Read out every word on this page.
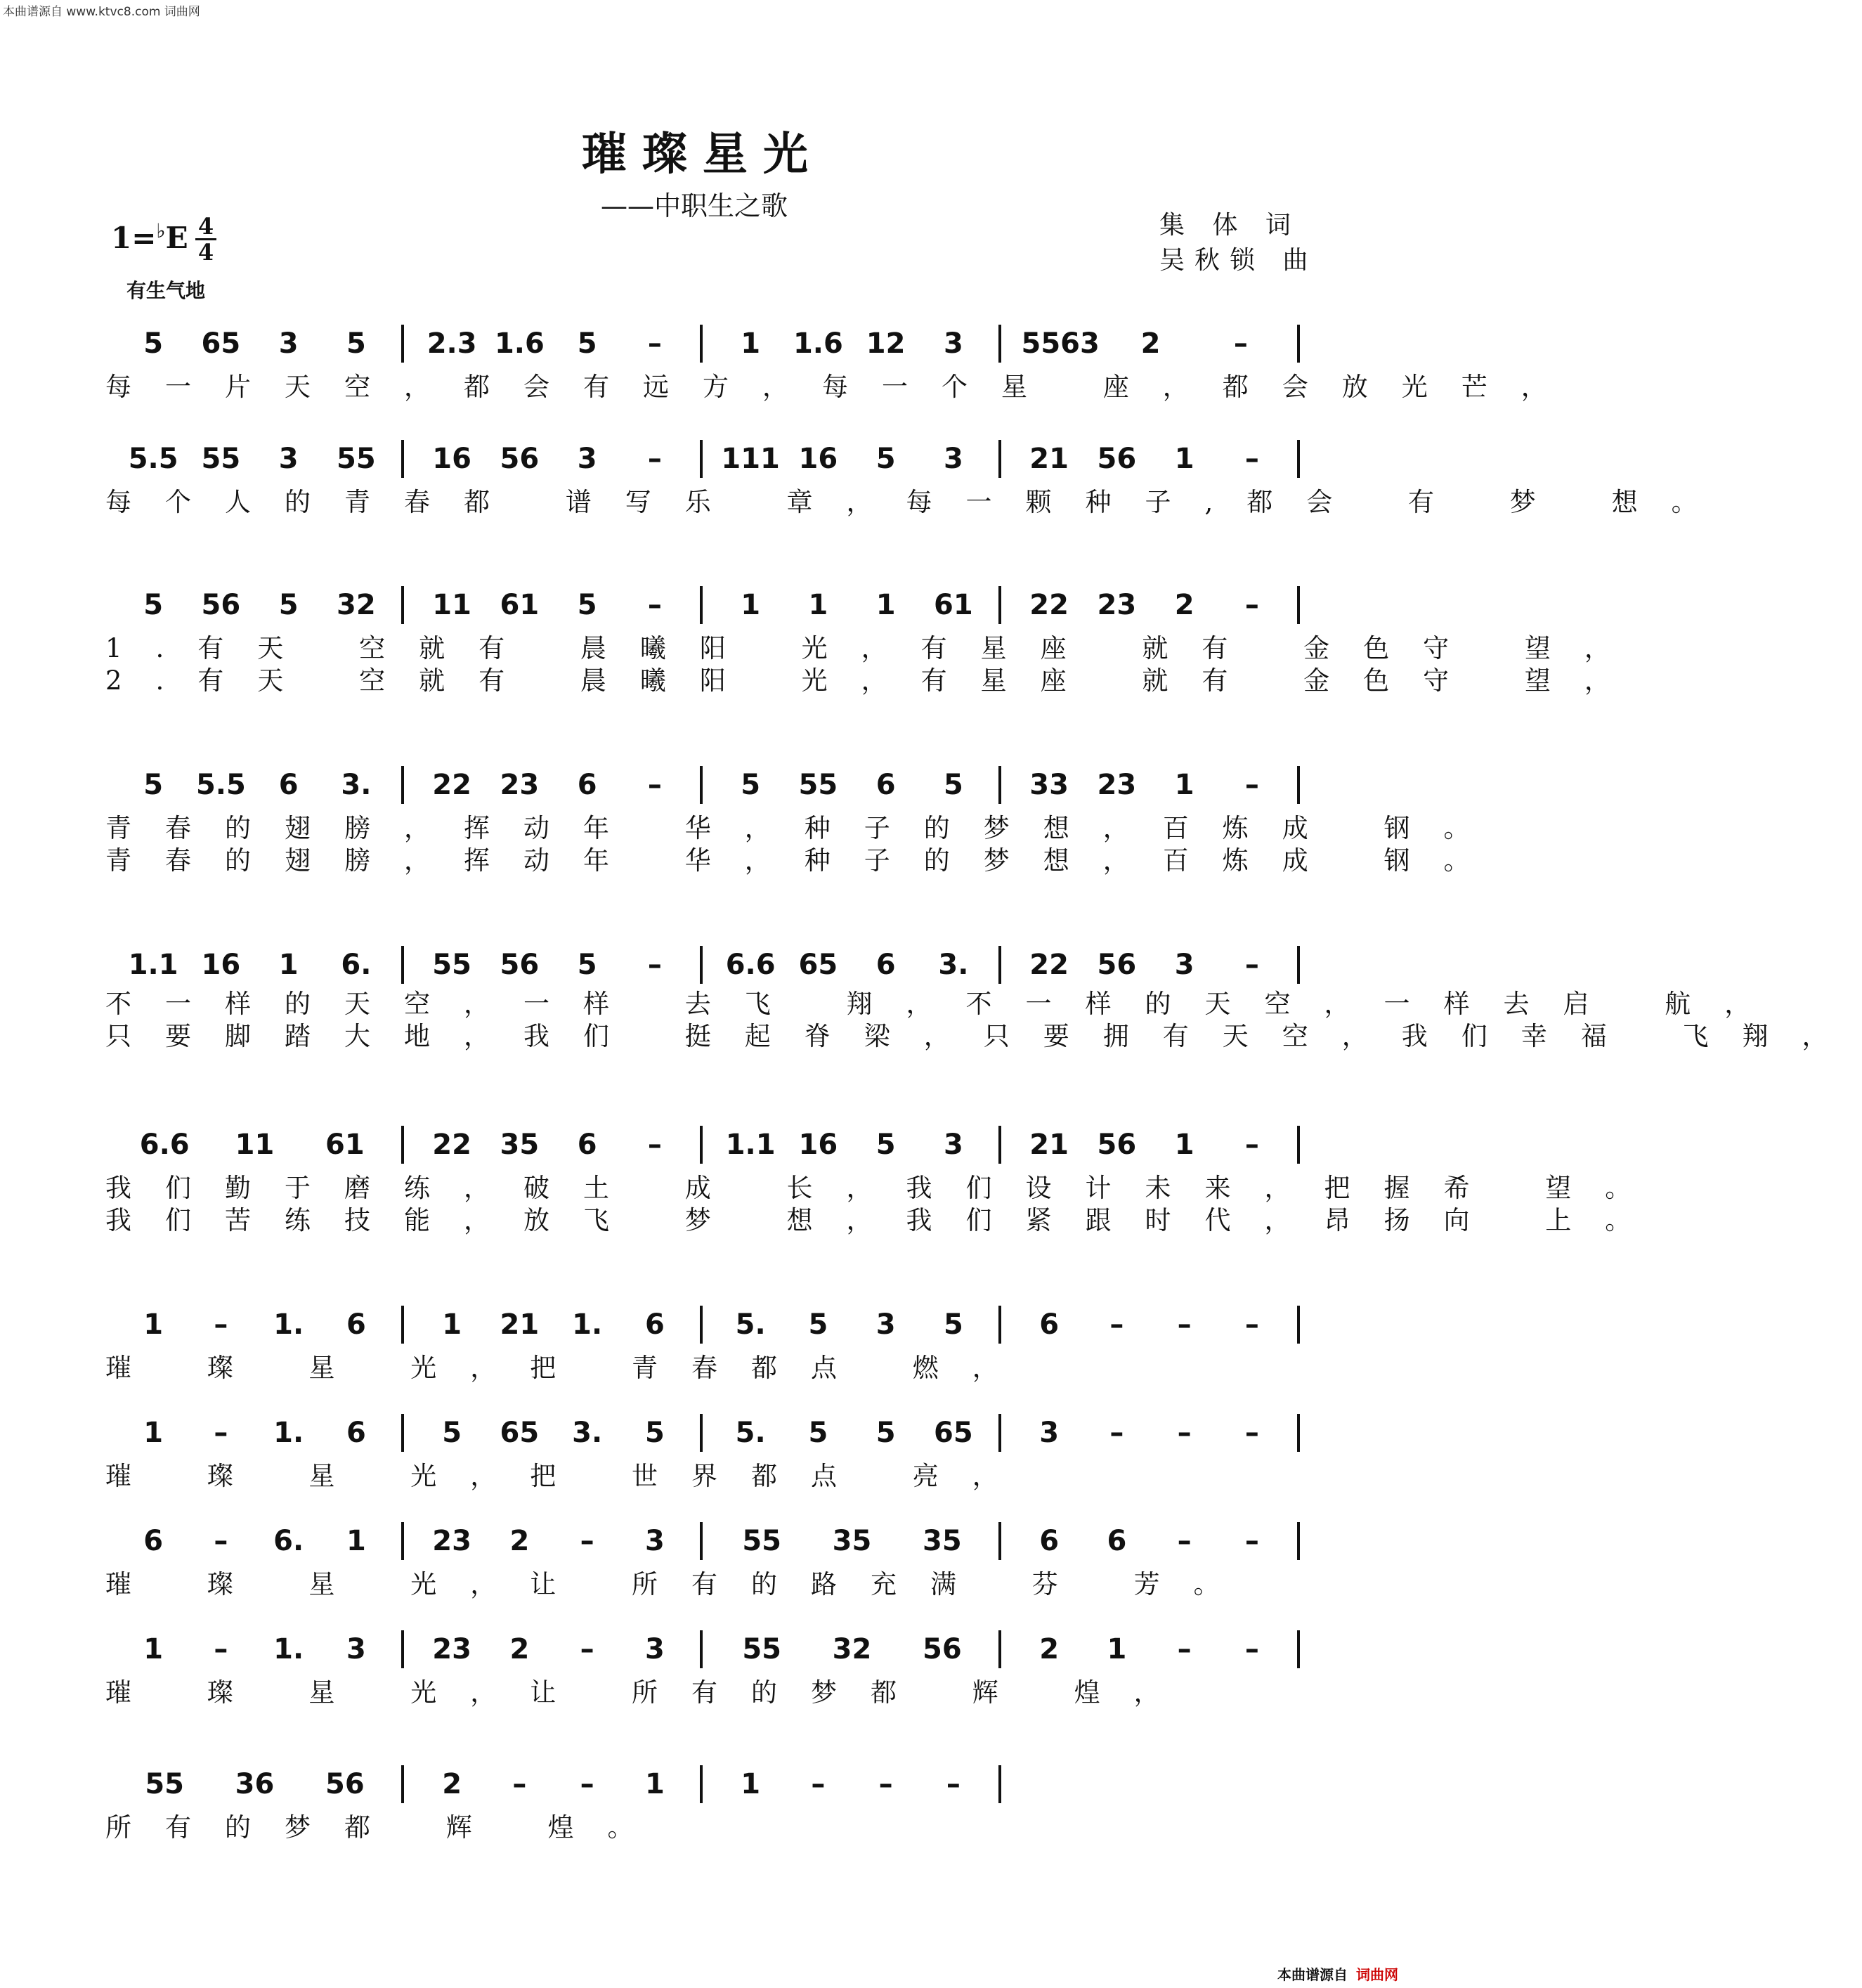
本曲谱源自 www.ktvc8.com 词曲网
璀璨星光
——中职生之歌
集 体 词
吴秋锁 曲
1=♭E 4
4
有生气地
5	65	3	5	2.3 1.6	5	–	1	1.6 12	3	5563	2	–
每一片天空，都会有远方，每一个星 座，都会放光芒，
5.5 55	3	55	16	56	3	–	111 16	5	3	21	56	1	–
每个人的青春都 谱写乐 章，每一颗种子,都会 有 梦 想。
5	56	5	32	11	61	5	–	1	1	1	61	22	23	2	–
1.有天 空就有 晨曦阳 光，有星座 就有 金色守 望，
2.有天 空就有 晨曦阳 光，有星座 就有 金色守 望，
5	5.5	6	3.	22	23	6	–	5	55	6	5	33	23	1	–
青春的翅膀，挥动年 华，种子的梦想，百炼成 钢。
青春的翅膀，挥动年 华，种子的梦想，百炼成 钢。
1.1 16	1	6.	55	56	5	–	6.6 65	6	3.	22	56	3	–
不一样的天空，一样 去飞 翔，不一样的天空，一样去启 航，
只要脚踏大地，我们 挺起脊梁，只要拥有天空，我们幸福 飞翔，
6.6	11	61	22	35	6	–	1.1 16	5	3	21	56	1	–
我们勤于磨练，破土 成 长，我们设计未来，把握希 望。
我们苦练技能，放飞 梦 想，我们紧跟时代，昂扬向 上。
1	–	1.	6	1	21	1.	6	5.	5	3	5	6	–	–	–
璀 璨 星 光，把 青春都点 燃，
1	–	1.	6	5	65	3.	5	5.	5	5	65	3	–	–	–
璀 璨 星 光，把 世界都点 亮，
6	–	6.	1	23	2	–	3	55	35	35	6	6	–	–
璀 璨 星 光，让 所有的路充满 芬 芳。
1	–	1.	3	23	2	–	3	55	32	56	2	1	–	–
璀 璨 星 光，让 所有的梦都 辉 煌，
55	36	56	2	–	–	1	1	–	–	–
所有的梦都 辉 煌。
本曲谱源自 词曲网
